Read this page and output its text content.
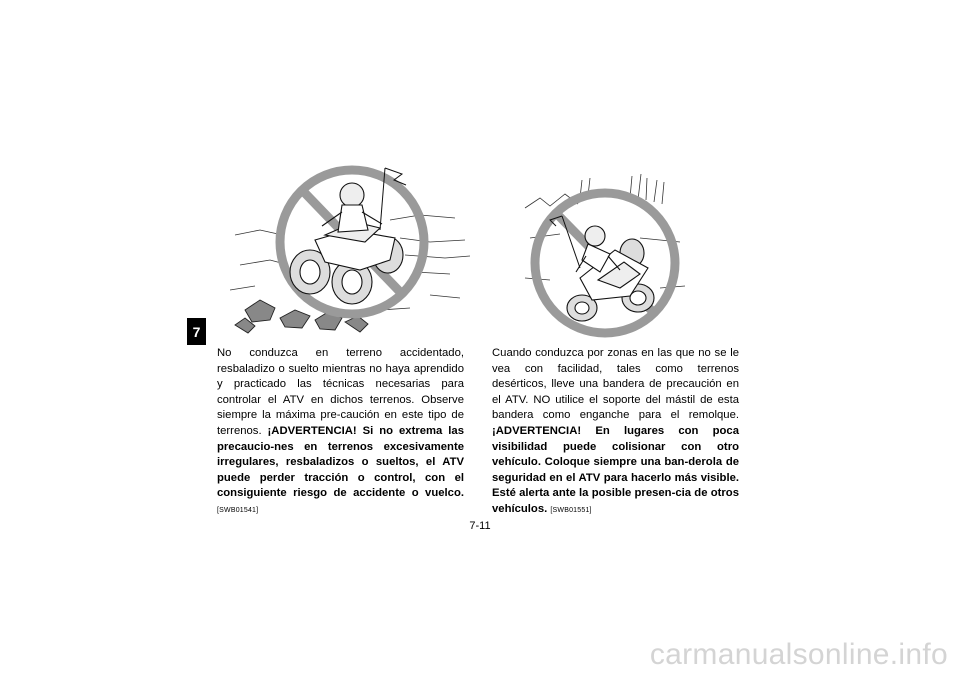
7

No conduzca en terreno accidentado, resbaladizo o suelto mientras no haya aprendido y practicado las técnicas necesarias para controlar el ATV en dichos terrenos. Observe siempre la máxima pre-caución en este tipo de terrenos. ¡ADVERTENCIA! Si no extrema las precaucio-nes en terrenos excesivamente irregulares, resbaladizos o sueltos, el ATV puede perder tracción o control, con el consiguiente riesgo de accidente o vuelco. [SWB01541]

Cuando conduzca por zonas en las que no se le vea con facilidad, tales como terrenos desérticos, lleve una bandera de precaución en el ATV. NO utilice el soporte del mástil de esta bandera como enganche para el remolque. ¡ADVERTENCIA! En lugares con poca visibilidad puede colisionar con otro vehículo. Coloque siempre una ban-derola de seguridad en el ATV para hacerlo más visible. Esté alerta ante la posible presen-cia de otros vehículos. [SWB01551]

7-11
carmanualsonline.info
